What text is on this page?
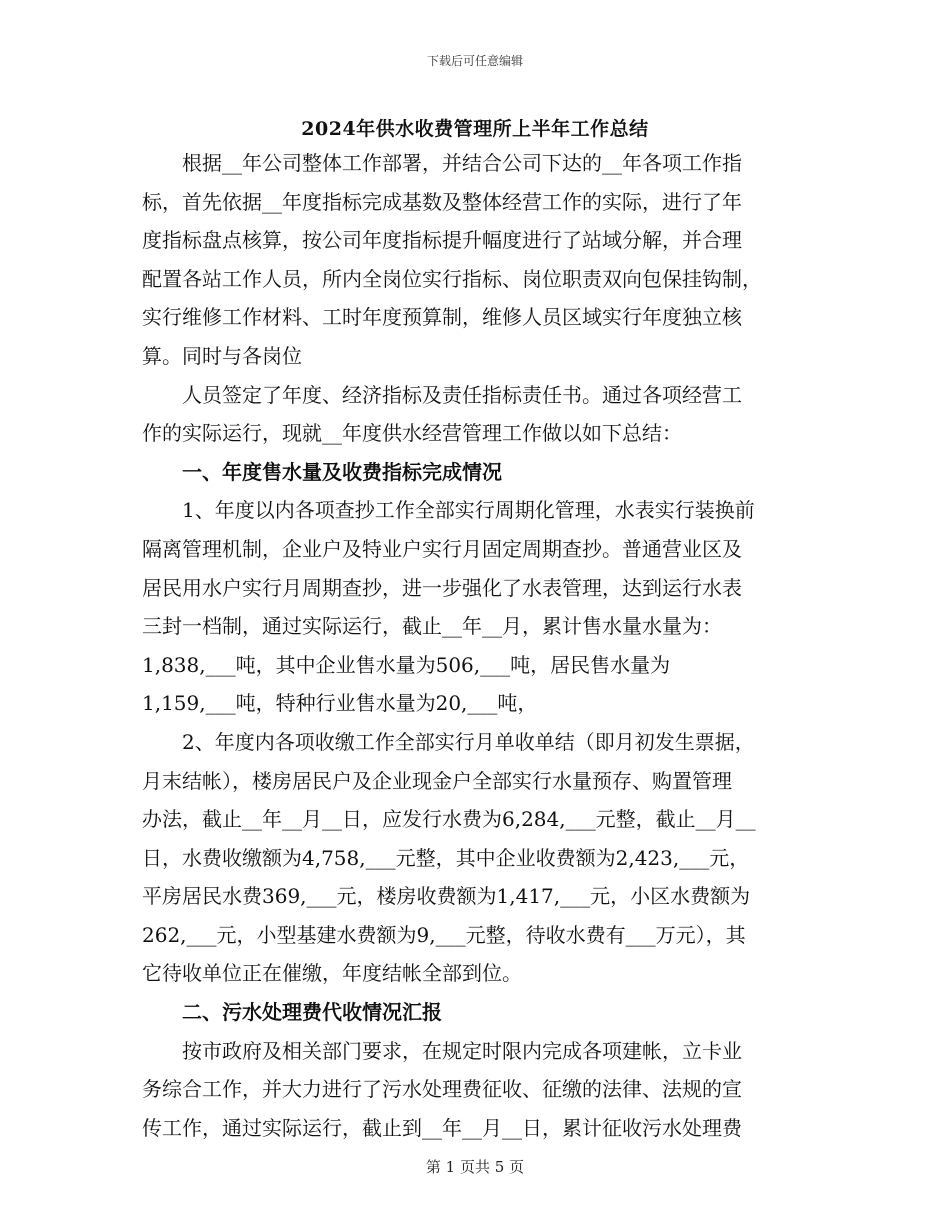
下载后可任意编辑
2024年供水收费管理所上半年工作总结

根据__年公司整体工作部署，并结合公司下达的__年各项工作指
标，首先依据__年度指标完成基数及整体经营工作的实际，进行了年
度指标盘点核算，按公司年度指标提升幅度进行了站域分解，并合理
配置各站工作人员，所内全岗位实行指标、岗位职责双向包保挂钩制，
实行维修工作材料、工时年度预算制，维修人员区域实行年度独立核
算。同时与各岗位

人员签定了年度、经济指标及责任指标责任书。通过各项经营工
作的实际运行，现就__年度供水经营管理工作做以如下总结：

一、年度售水量及收费指标完成情况

1、年度以内各项查抄工作全部实行周期化管理，水表实行装换前
隔离管理机制，企业户及特业户实行月固定周期查抄。普通营业区及
居民用水户实行月周期查抄，进一步强化了水表管理，达到运行水表
三封一档制，通过实际运行，截止__年__月，累计售水量水量为：
1,838,___吨，其中企业售水量为506,___吨，居民售水量为
1,159,___吨，特种行业售水量为20,___吨，

2、年度内各项收缴工作全部实行月单收单结（即月初发生票据，
月末结帐），楼房居民户及企业现金户全部实行水量预存、购置管理
办法，截止__年__月__日，应发行水费为6,284,___元整，截止__月__
日，水费收缴额为4,758,___元整，其中企业收费额为2,423,___元，
平房居民水费369,___元，楼房收费额为1,417,___元，小区水费额为
262,___元，小型基建水费额为9,___元整，待收水费有___万元），其
它待收单位正在催缴，年度结帐全部到位。

二、污水处理费代收情况汇报

按市政府及相关部门要求，在规定时限内完成各项建帐，立卡业
务综合工作，并大力进行了污水处理费征收、征缴的法律、法规的宣
传工作，通过实际运行，截止到__年__月__日，累计征收污水处理费

第 1 页共 5 页
